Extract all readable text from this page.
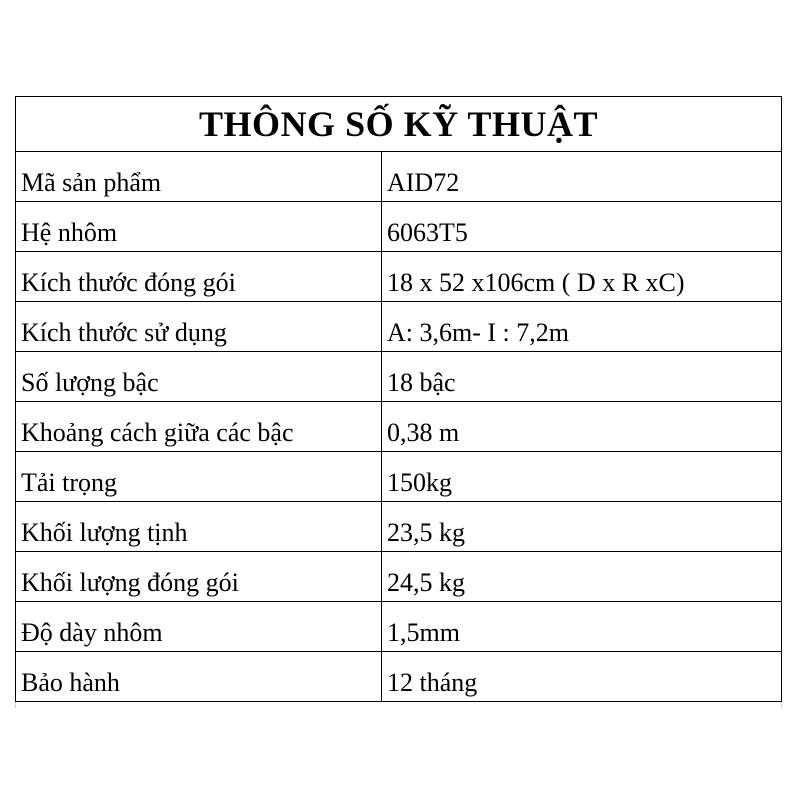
THÔNG SỐ KỸ THUẬT	
Mã sản phẩm	AID72
Hệ nhôm	6063T5
Kích thước đóng gói	18 x 52 x106cm ( D x R xC)
Kích thước sử dụng	A: 3,6m- I : 7,2m
Số lượng bậc	18 bậc
Khoảng cách giữa các bậc	0,38 m
Tải trọng	150kg
Khối lượng tịnh	23,5 kg
Khối lượng đóng gói	24,5 kg
Độ dày nhôm	1,5mm
Bảo hành	12 tháng
